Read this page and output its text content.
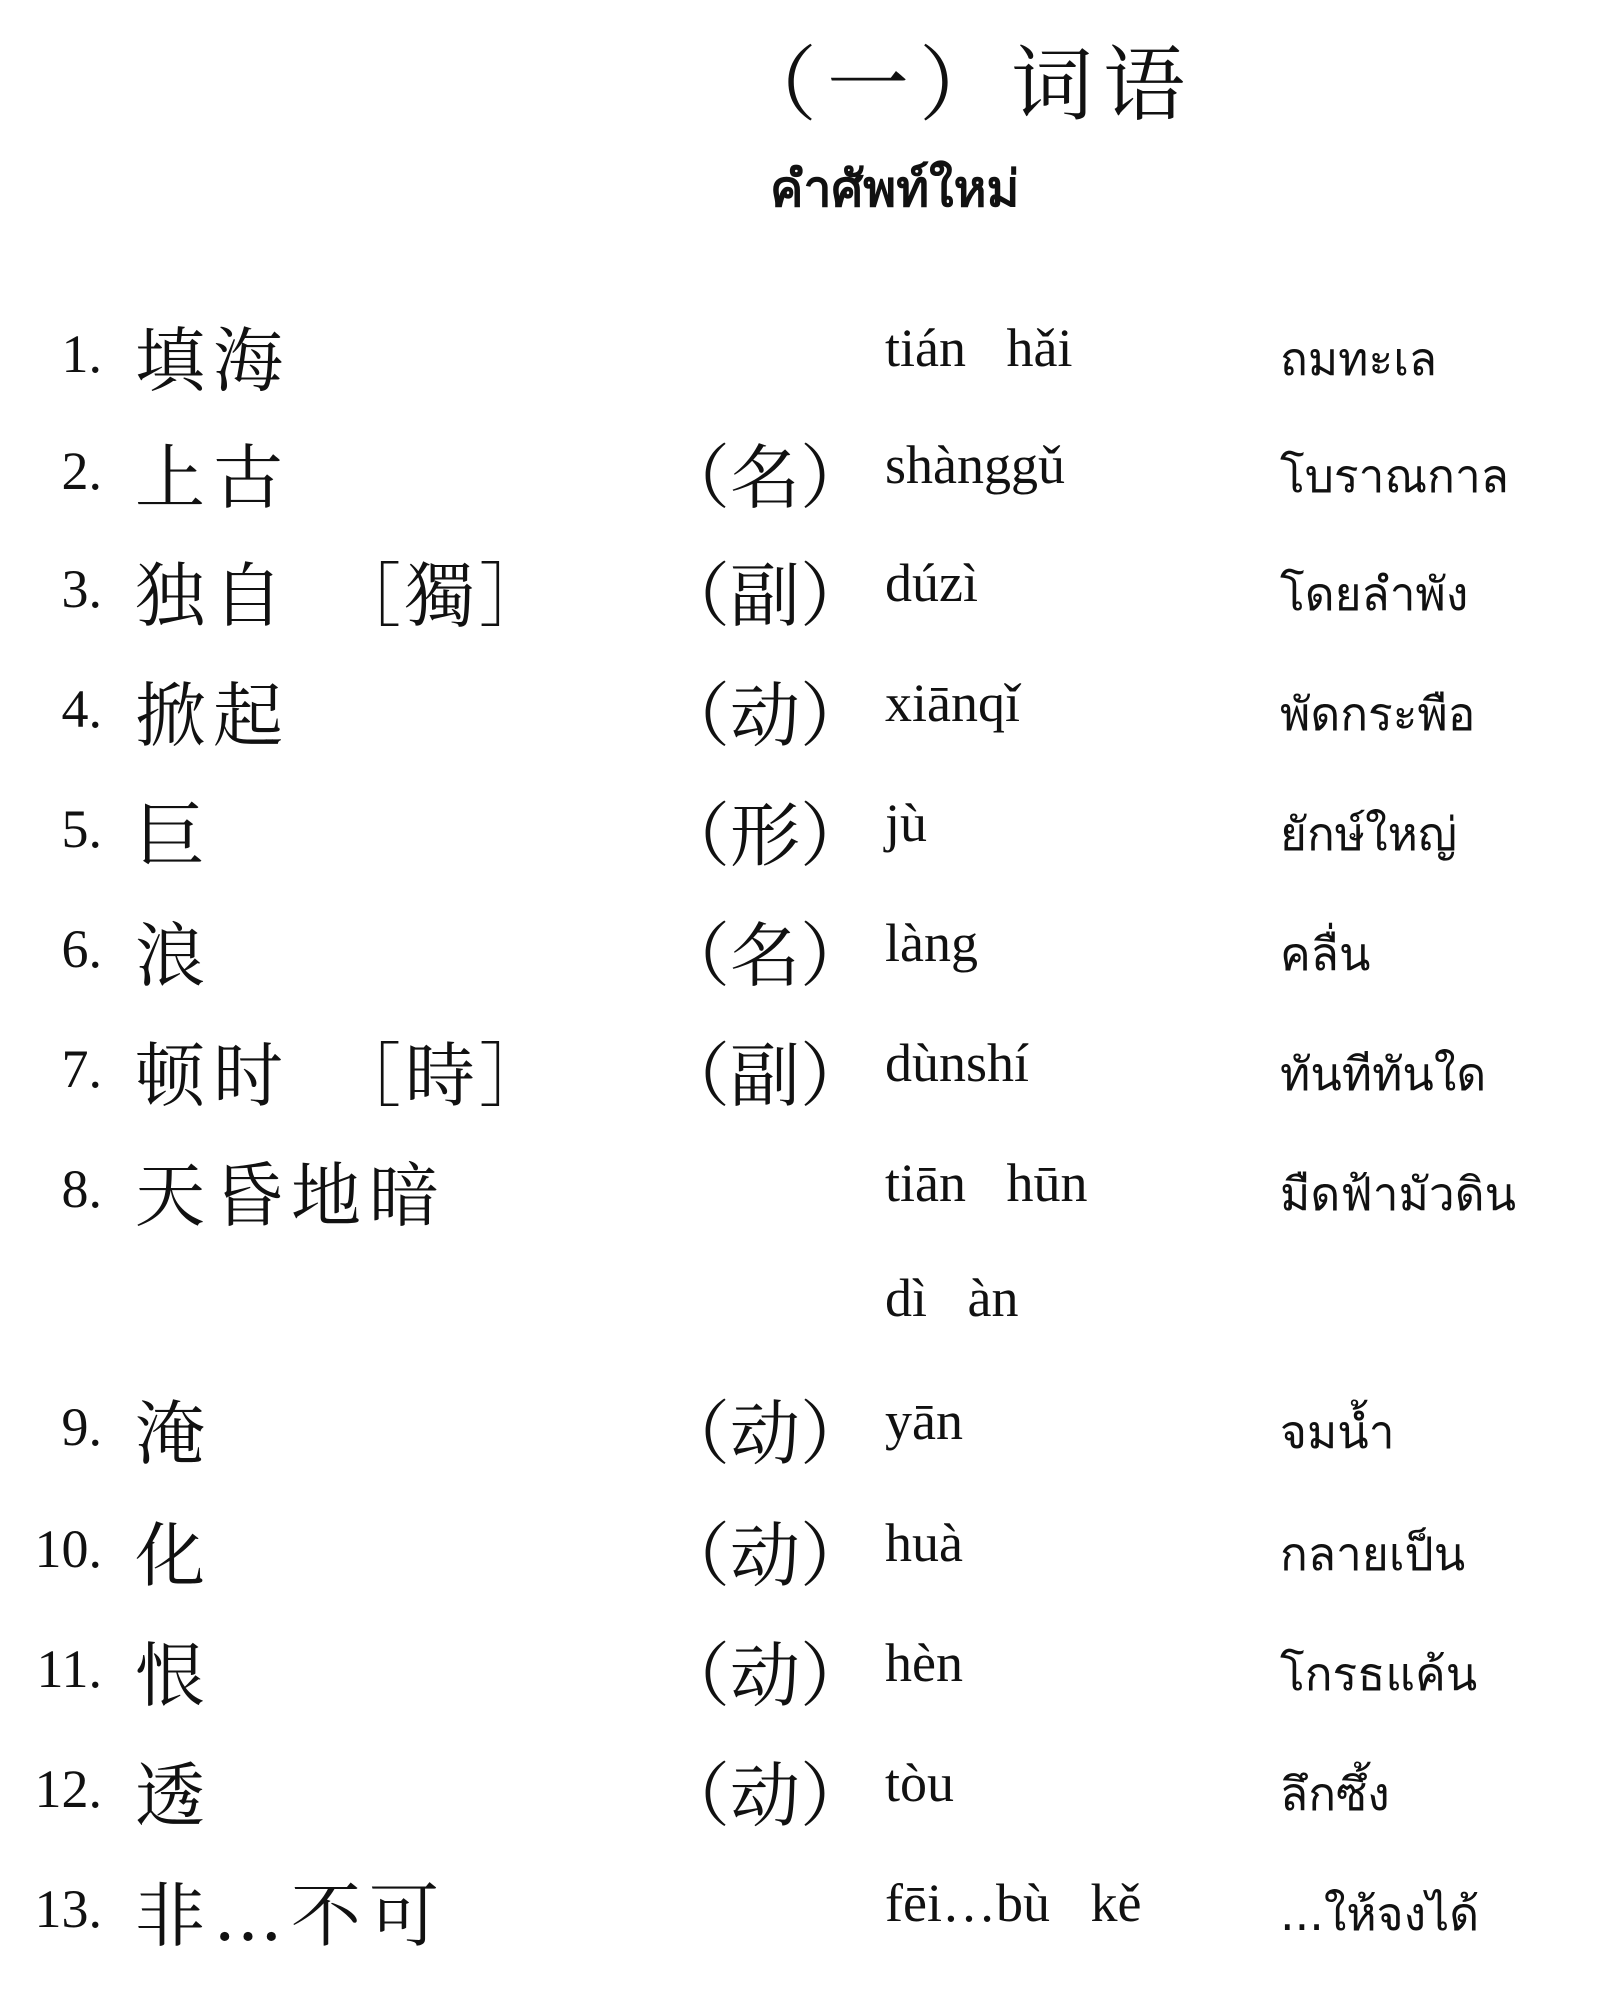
（一）词语
คำศัพท์ใหม่
1. 填海	tián   hǎi	ถมทะเล
2. 上古	（名） shànggǔ	โบราณกาล
3. 独自 ［獨］ （副） dúzì	โดยลำพัง
4. 掀起	（动） xiānqǐ	พัดกระพือ
5. 巨	（形） jù	ยักษ์ใหญ่
6. 浪	（名） làng	คลื่น
7. 顿时 ［時］ （副） dùnshí	ทันทีทันใด
8. 天昏地暗	tiān   hūn	มืดฟ้ามัวดิน
dì   àn
9. 淹	（动） yān	จมน้ำ
10. 化	（动） huà	กลายเป็น
11. 恨	（动） hèn	โกรธแค้น
12. 透	（动） tòu	ลึกซึ้ง
13. 非…不可	fēi…bù   kě	...ให้จงได้
